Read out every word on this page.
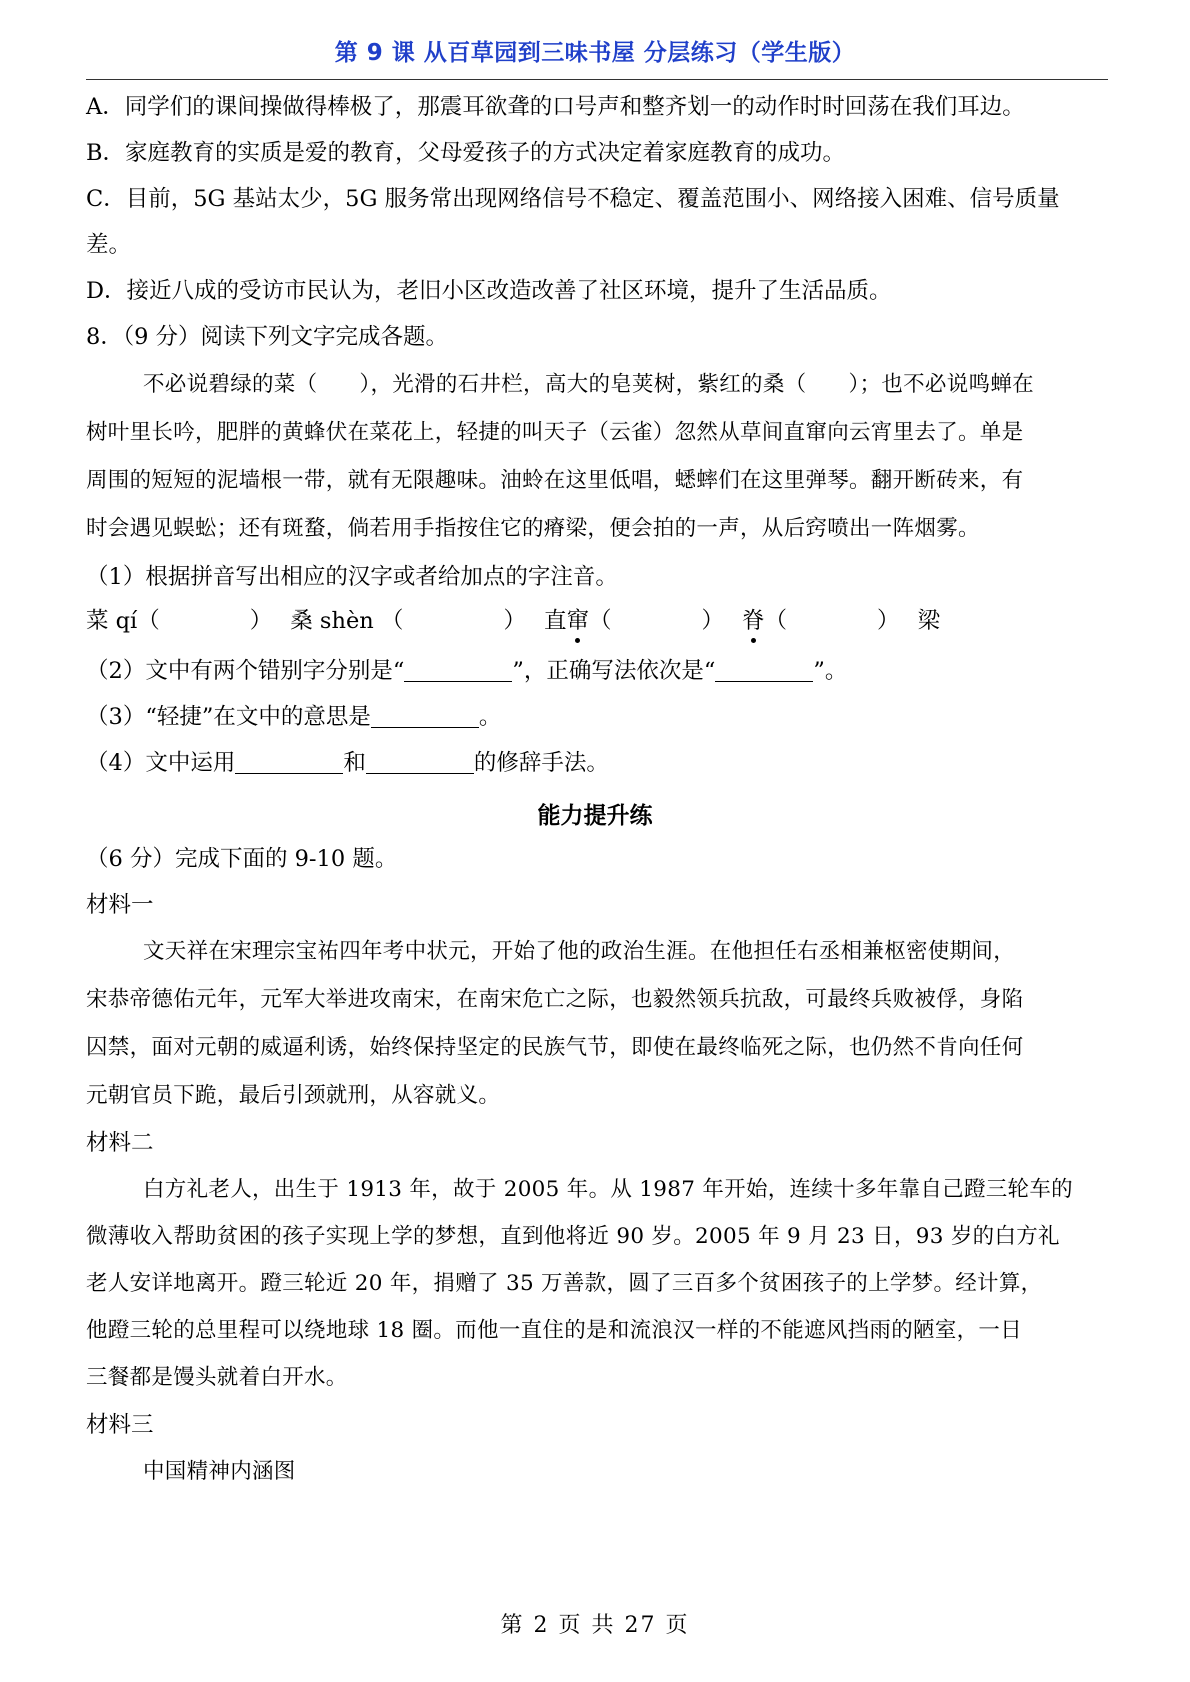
第 9 课 从百草园到三味书屋 分层练习（学生版）
A．同学们的课间操做得棒极了，那震耳欲聋的口号声和整齐划一的动作时时回荡在我们耳边。
B．家庭教育的实质是爱的教育，父母爱孩子的方式决定着家庭教育的成功。
C．目前，5G 基站太少，5G 服务常出现网络信号不稳定、覆盖范围小、网络接入困难、信号质量
差。
D．接近八成的受访市民认为，老旧小区改造改善了社区环境，提升了生活品质。
8．（9 分）阅读下列文字完成各题。
不必说碧绿的菜（ ），光滑的石井栏，高大的皂荚树，紫红的桑（ ）；也不必说鸣蝉在
树叶里长吟，肥胖的黄蜂伏在菜花上，轻捷的叫天子（云雀）忽然从草间直窜向云宵里去了。单是
周围的短短的泥墙根一带，就有无限趣味。油蛉在这里低唱，蟋蟀们在这里弹琴。翻开断砖来，有
时会遇见蜈蚣；还有斑蝥，倘若用手指按住它的瘠梁，便会拍的一声，从后窍喷出一阵烟雾。
（1）根据拼音写出相应的汉字或者给加点的字注音。
菜 qí（	） 桑 shèn （	） 直窜（	） 脊（	） 梁
（2）文中有两个错别字分别是“	”，正确写法依次是“	”。
（3）“轻捷”在文中的意思是	。
（4）文中运用	和	的修辞手法。
能力提升练
（6 分）完成下面的 9-10 题。
材料一
文天祥在宋理宗宝祐四年考中状元，开始了他的政治生涯。在他担任右丞相兼枢密使期间，
宋恭帝德佑元年，元军大举进攻南宋，在南宋危亡之际，也毅然领兵抗敌，可最终兵败被俘，身陷
囚禁，面对元朝的威逼利诱，始终保持坚定的民族气节，即使在最终临死之际，也仍然不肯向任何
元朝官员下跪，最后引颈就刑，从容就义。
材料二
白方礼老人，出生于 1913 年，故于 2005 年。从 1987 年开始，连续十多年靠自己蹬三轮车的
微薄收入帮助贫困的孩子实现上学的梦想，直到他将近 90 岁。2005 年 9 月 23 日，93 岁的白方礼
老人安详地离开。蹬三轮近 20 年，捐赠了 35 万善款，圆了三百多个贫困孩子的上学梦。经计算，
他蹬三轮的总里程可以绕地球 18 圈。而他一直住的是和流浪汉一样的不能遮风挡雨的陋室，一日
三餐都是馒头就着白开水。
材料三
中国精神内涵图
第 2 页 共 27 页
